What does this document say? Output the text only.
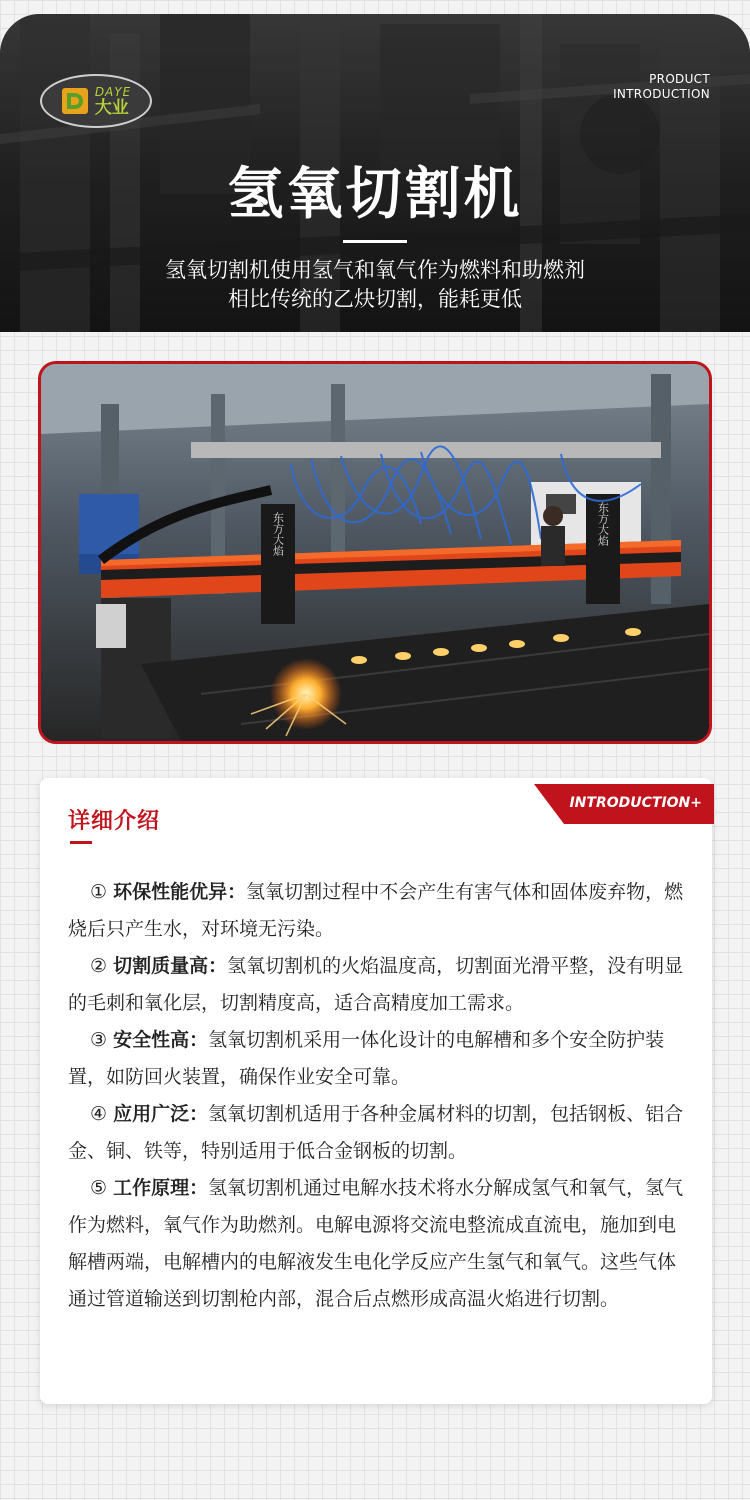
DAYE
大业
PRODUCT
INTRODUCTION
氢氧切割机
氢氧切割机使用氢气和氧气作为燃料和助燃剂
相比传统的乙炔切割，能耗更低
东方大焰	东方大焰
详细介绍
INTRODUCTION+

① 环保性能优异：氢氧切割过程中不会产生有害气体和固体废弃物，燃烧后只产生水，对环境无污染。

② 切割质量高：氢氧切割机的火焰温度高，切割面光滑平整，没有明显的毛刺和氧化层，切割精度高，适合高精度加工需求。

③ 安全性高：氢氧切割机采用一体化设计的电解槽和多个安全防护装置，如防回火装置，确保作业安全可靠。

④ 应用广泛：氢氧切割机适用于各种金属材料的切割，包括钢板、铝合金、铜、铁等，特别适用于低合金钢板的切割。

⑤ 工作原理：氢氧切割机通过电解水技术将水分解成氢气和氧气，氢气作为燃料，氧气作为助燃剂。电解电源将交流电整流成直流电，施加到电解槽两端，电解槽内的电解液发生电化学反应产生氢气和氧气。这些气体通过管道输送到切割枪内部，混合后点燃形成高温火焰进行切割。
